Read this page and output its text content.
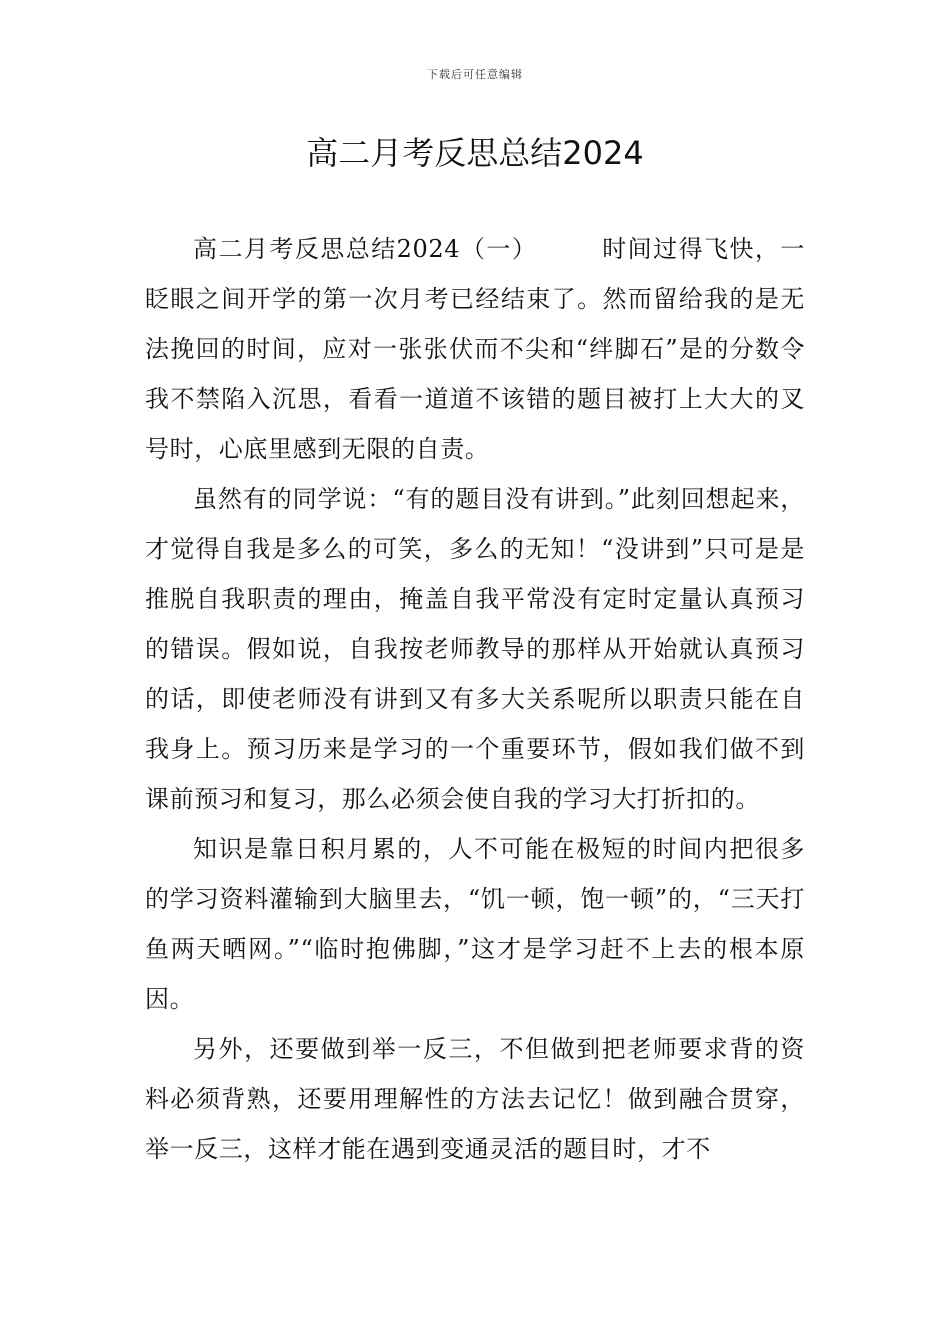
下载后可任意编辑
高二月考反思总结2024

高二月考反思总结2024（一）	时间过得飞快，一眨眼之间开学的第一次月考已经结束了。然而留给我的是无法挽回的时间，应对一张张伏而不尖和“绊脚石”是的分数令我不禁陷入沉思，看看一道道不该错的题目被打上大大的叉号时，心底里感到无限的自责。

虽然有的同学说：“有的题目没有讲到。”此刻回想起来，才觉得自我是多么的可笑，多么的无知！“没讲到”只可是是推脱自我职责的理由，掩盖自我平常没有定时定量认真预习的错误。假如说，自我按老师教导的那样从开始就认真预习的话，即使老师没有讲到又有多大关系呢所以职责只能在自我身上。预习历来是学习的一个重要环节，假如我们做不到课前预习和复习，那么必须会使自我的学习大打折扣的。

知识是靠日积月累的，人不可能在极短的时间内把很多的学习资料灌输到大脑里去，“饥一顿，饱一顿”的，“三天打鱼两天晒网。”“临时抱佛脚，”这才是学习赶不上去的根本原因。

另外，还要做到举一反三，不但做到把老师要求背的资料必须背熟，还要用理解性的方法去记忆！做到融合贯穿，举一反三，这样才能在遇到变通灵活的题目时，才不
